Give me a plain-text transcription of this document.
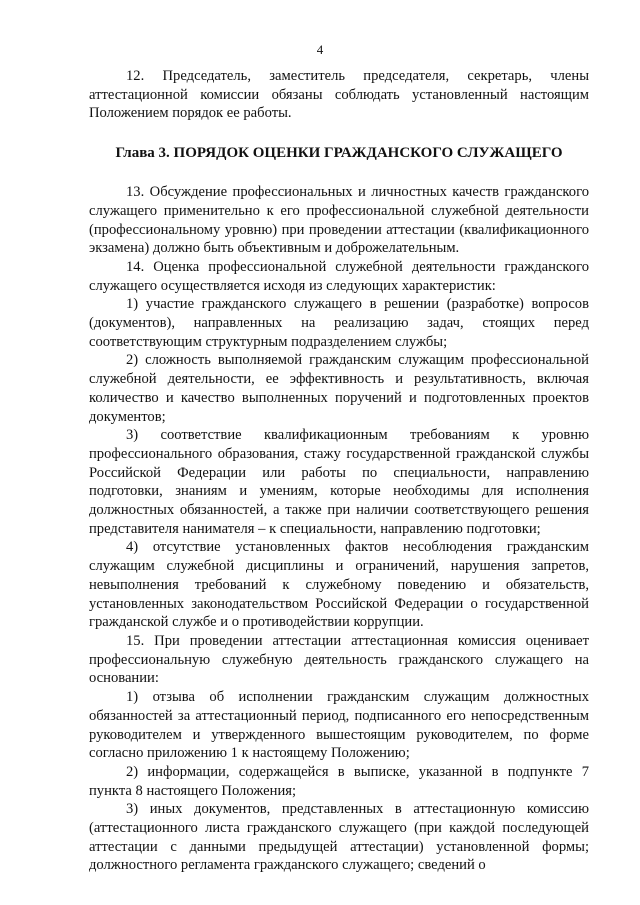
4

12. Председатель, заместитель председателя, секретарь, члены аттестационной комиссии обязаны соблюдать установленный настоящим Положением порядок ее работы.

Глава 3. ПОРЯДОК ОЦЕНКИ ГРАЖДАНСКОГО СЛУЖАЩЕГО

13. Обсуждение профессиональных и личностных качеств гражданского служащего применительно к его профессиональной служебной деятельности (профессиональному уровню) при проведении аттестации (квалификационного экзамена) должно быть объективным и доброжелательным.

14. Оценка профессиональной служебной деятельности гражданского служащего осуществляется исходя из следующих характеристик:

1) участие гражданского служащего в решении (разработке) вопросов (документов), направленных на реализацию задач, стоящих перед соответствующим структурным подразделением службы;

2) сложность выполняемой гражданским служащим профессиональной служебной деятельности, ее эффективность и результативность, включая количество и качество выполненных поручений и подготовленных проектов документов;

3) соответствие квалификационным требованиям к уровню профессионального образования, стажу государственной гражданской службы Российской Федерации или работы по специальности, направлению подготовки, знаниям и умениям, которые необходимы для исполнения должностных обязанностей, а также при наличии соответствующего решения представителя нанимателя – к специальности, направлению подготовки;

4) отсутствие установленных фактов несоблюдения гражданским служащим служебной дисциплины и ограничений, нарушения запретов, невыполнения требований к служебному поведению и обязательств, установленных законодательством Российской Федерации о государственной гражданской службе и о противодействии коррупции.

15. При проведении аттестации аттестационная комиссия оценивает профессиональную служебную деятельность гражданского служащего на основании:

1) отзыва об исполнении гражданским служащим должностных обязанностей за аттестационный период, подписанного его непосредственным руководителем и утвержденного вышестоящим руководителем, по форме согласно приложению 1 к настоящему Положению;

2) информации, содержащейся в выписке, указанной в подпункте 7 пункта 8 настоящего Положения;

3) иных документов, представленных в аттестационную комиссию (аттестационного листа гражданского служащего (при каждой последующей аттестации с данными предыдущей аттестации) установленной формы; должностного регламента гражданского служащего; сведений о
